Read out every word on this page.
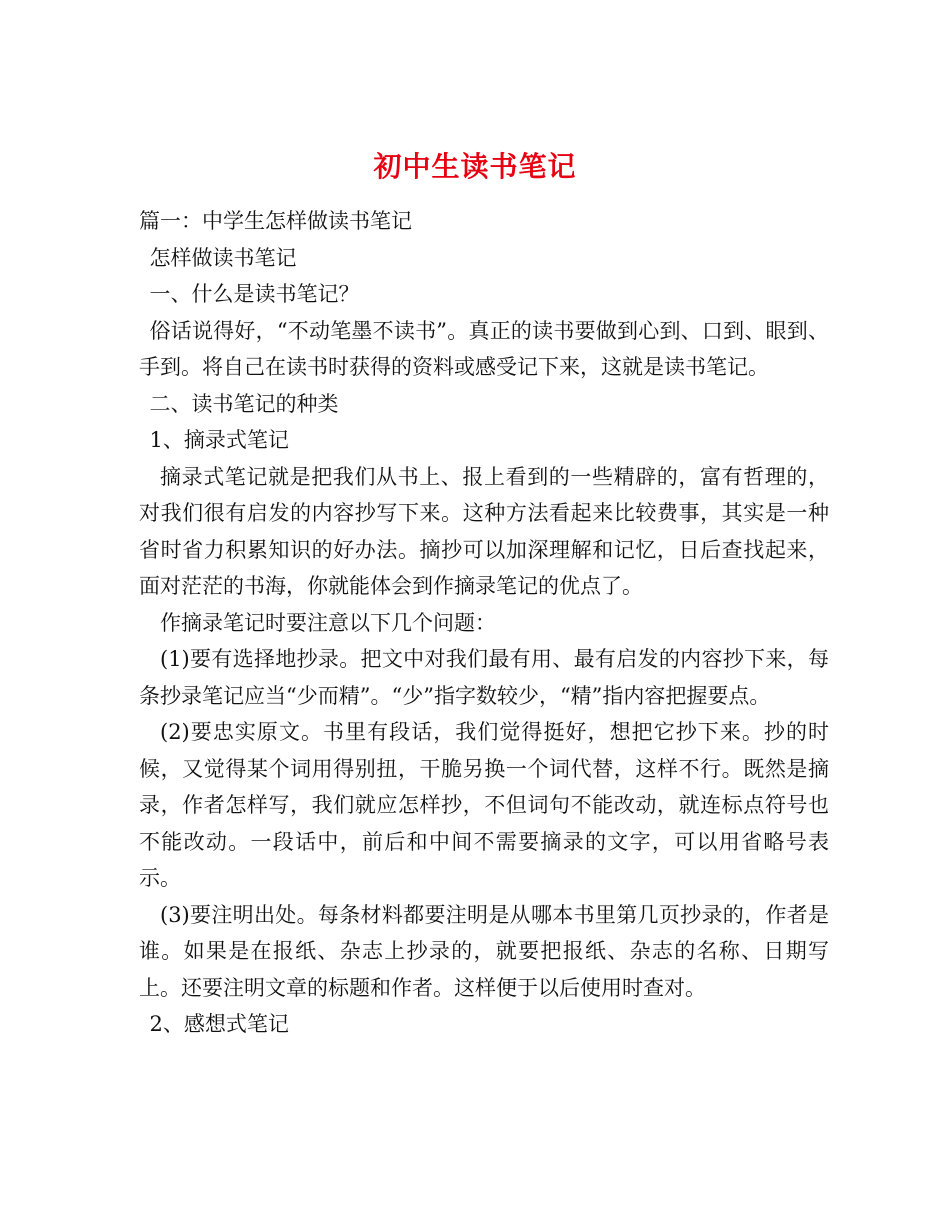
初中生读书笔记

篇一：中学生怎样做读书笔记

怎样做读书笔记

一、什么是读书笔记？

俗话说得好，“不动笔墨不读书”。真正的读书要做到心到、口到、眼到、手到。将自己在读书时获得的资料或感受记下来，这就是读书笔记。

二、读书笔记的种类

1、摘录式笔记

摘录式笔记就是把我们从书上、报上看到的一些精辟的，富有哲理的，对我们很有启发的内容抄写下来。这种方法看起来比较费事，其实是一种省时省力积累知识的好办法。摘抄可以加深理解和记忆，日后查找起来，面对茫茫的书海，你就能体会到作摘录笔记的优点了。

作摘录笔记时要注意以下几个问题：

(1)要有选择地抄录。把文中对我们最有用、最有启发的内容抄下来，每条抄录笔记应当“少而精”。“少”指字数较少，“精”指内容把握要点。

(2)要忠实原文。书里有段话，我们觉得挺好，想把它抄下来。抄的时候，又觉得某个词用得别扭，干脆另换一个词代替，这样不行。既然是摘录，作者怎样写，我们就应怎样抄，不但词句不能改动，就连标点符号也不能改动。一段话中，前后和中间不需要摘录的文字，可以用省略号表示。

(3)要注明出处。每条材料都要注明是从哪本书里第几页抄录的，作者是谁。如果是在报纸、杂志上抄录的，就要把报纸、杂志的名称、日期写上。还要注明文章的标题和作者。这样便于以后使用时查对。

2、感想式笔记
